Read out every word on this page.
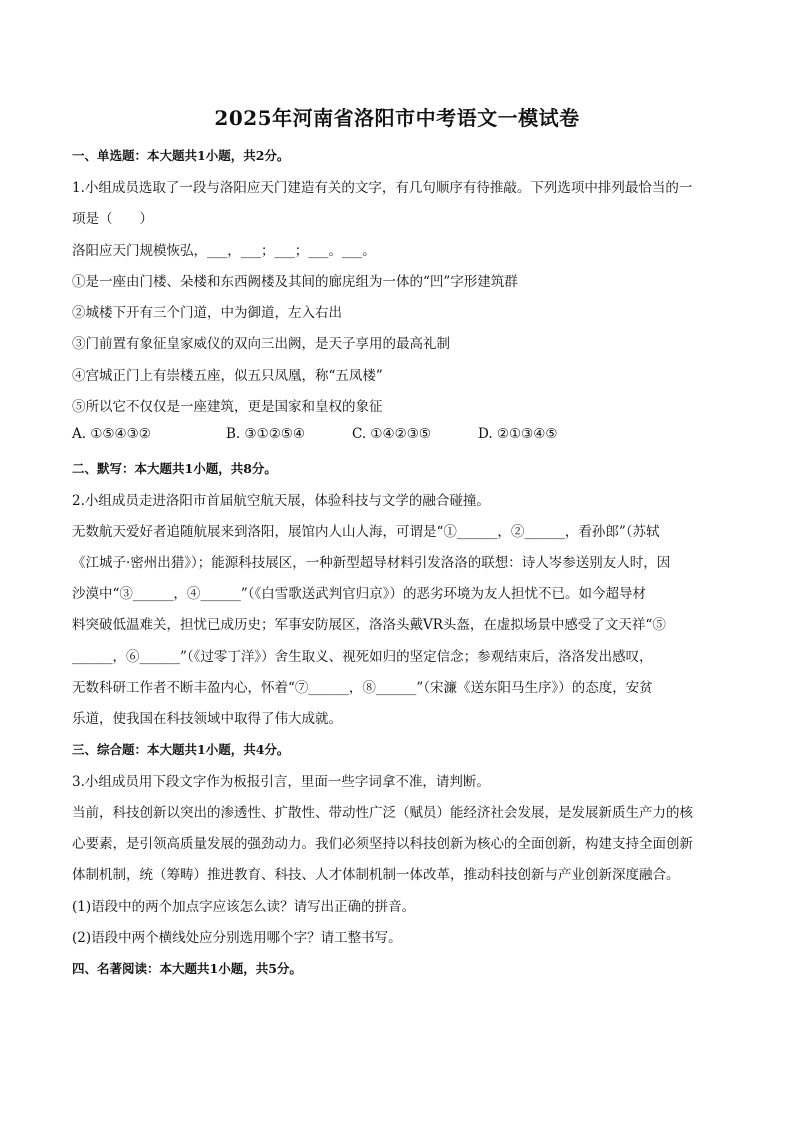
2025年河南省洛阳市中考语文一模试卷
一、单选题：本大题共1小题，共2分。
1.小组成员选取了一段与洛阳应天门建造有关的文字，有几句顺序有待推敲。下列选项中排列最恰当的一
项是（　　）
洛阳应天门规模恢弘，___，___；___；___。___。
①是一座由门楼、朵楼和东西阙楼及其间的廊庑组为一体的“凹”字形建筑群
②城楼下开有三个门道，中为御道，左入右出
③门前置有象征皇家威仪的双向三出阙，是天子享用的最高礼制
④宫城正门上有崇楼五座，似五只凤凰，称“五凤楼”
⑤所以它不仅仅是一座建筑，更是国家和皇权的象征
A. ①⑤④③②	B. ③①②⑤④	C. ①④②③⑤	D. ②①③④⑤
二、默写：本大题共1小题，共8分。
2.小组成员走进洛阳市首届航空航天展，体验科技与文学的融合碰撞。
无数航天爱好者追随航展来到洛阳，展馆内人山人海，可谓是“①______，②______，看孙郎”（苏轼
《江城子·密州出猎》）；能源科技展区，一种新型超导材料引发洛洛的联想：诗人岑参送别友人时，因
沙漠中“③______，④______”（《白雪歌送武判官归京》）的恶劣环境为友人担忧不已。如今超导材
料突破低温难关，担忧已成历史；军事安防展区，洛洛头戴VR头盔，在虚拟场景中感受了文天祥“⑤
______，⑥______”（《过零丁洋》）舍生取义、视死如归的坚定信念；参观结束后，洛洛发出感叹，
无数科研工作者不断丰盈内心，怀着“⑦______，⑧______”（宋濂《送东阳马生序》）的态度，安贫
乐道，使我国在科技领域中取得了伟大成就。
三、综合题：本大题共1小题，共4分。
3.小组成员用下段文字作为板报引言，里面一些字词拿不准，请判断。
当前，科技创新以突出的渗透性、扩散性、带动性广泛（赋员）能经济社会发展，是发展新质生产力的核
心要素，是引领高质量发展的强劲动力。我们必须坚持以科技创新为核心的全面创新，构建支持全面创新
体制机制，统（筹畴）推进教育、科技、人才体制机制一体改革，推动科技创新与产业创新深度融合。
(1)语段中的两个加点字应该怎么读？请写出正确的拼音。
(2)语段中两个横线处应分别选用哪个字？请工整书写。
四、名著阅读：本大题共1小题，共5分。
